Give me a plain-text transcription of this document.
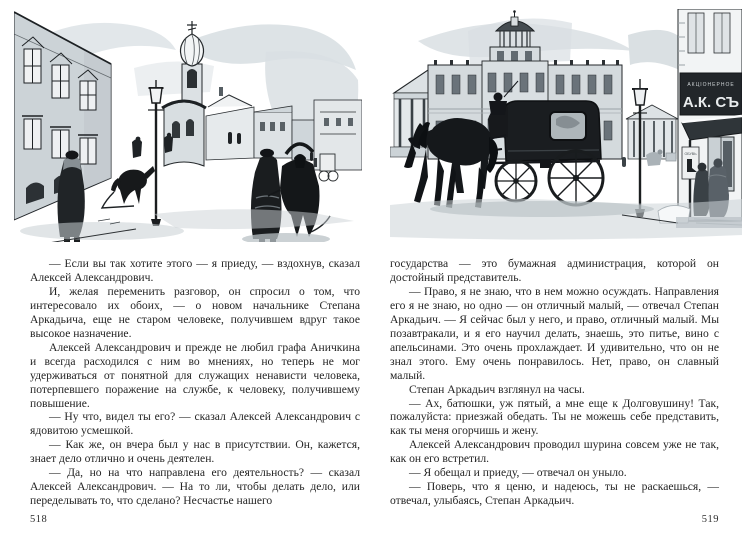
— Если вы так хотите этого — я приеду, — вздохнув, сказал Алексей Александрович.

И, желая переменить разговор, он спросил о том, что интересовало их обоих, — о новом начальнике Степана Аркадьича, еще не старом человеке, получившем вдруг такое высокое назначение.

Алексей Александрович и прежде не любил графа Аничкина и всегда расходился с ним во мнениях, но теперь не мог удерживаться от понятной для служащих ненависти человека, потерпевшего поражение на службе, к человеку, получившему повышение.

— Ну что, видел ты его? — сказал Алексей Александрович с ядовитою усмешкой.

— Как же, он вчера был у нас в присутствии. Он, кажется, знает дело отлично и очень деятелен.

— Да, но на что направлена его деятельность? — сказал Алексей Александрович. — На то ли, чтобы делать дело, или переделывать то, что сделано? Несчастье нашего

518
АКЦIОНЕРНОЕ
А.К. СЪ
ОБУВЬ

государства — это бумажная администрация, которой он достойный представитель.

— Право, я не знаю, что в нем можно осуждать. Направления его я не знаю, но одно — он отличный малый, — отвечал Степан Аркадьич. — Я сейчас был у него, и право, отличный малый. Мы позавтракали, и я его научил делать, знаешь, это питье, вино с апельсинами. Это очень прохлаждает. И удивительно, что он не знал этого. Ему очень понравилось. Нет, право, он славный малый.

Степан Аркадьич взглянул на часы.

— Ах, батюшки, уж пятый, а мне еще к Долговушину! Так, пожалуйста: приезжай обедать. Ты не можешь себе представить, как ты меня огорчишь и жену.

Алексей Александрович проводил шурина совсем уже не так, как он его встретил.

— Я обещал и приеду, — отвечал он уныло.

— Поверь, что я ценю, и надеюсь, ты не раскаешься, — отвечал, улыбаясь, Степан Аркадьич.

519
